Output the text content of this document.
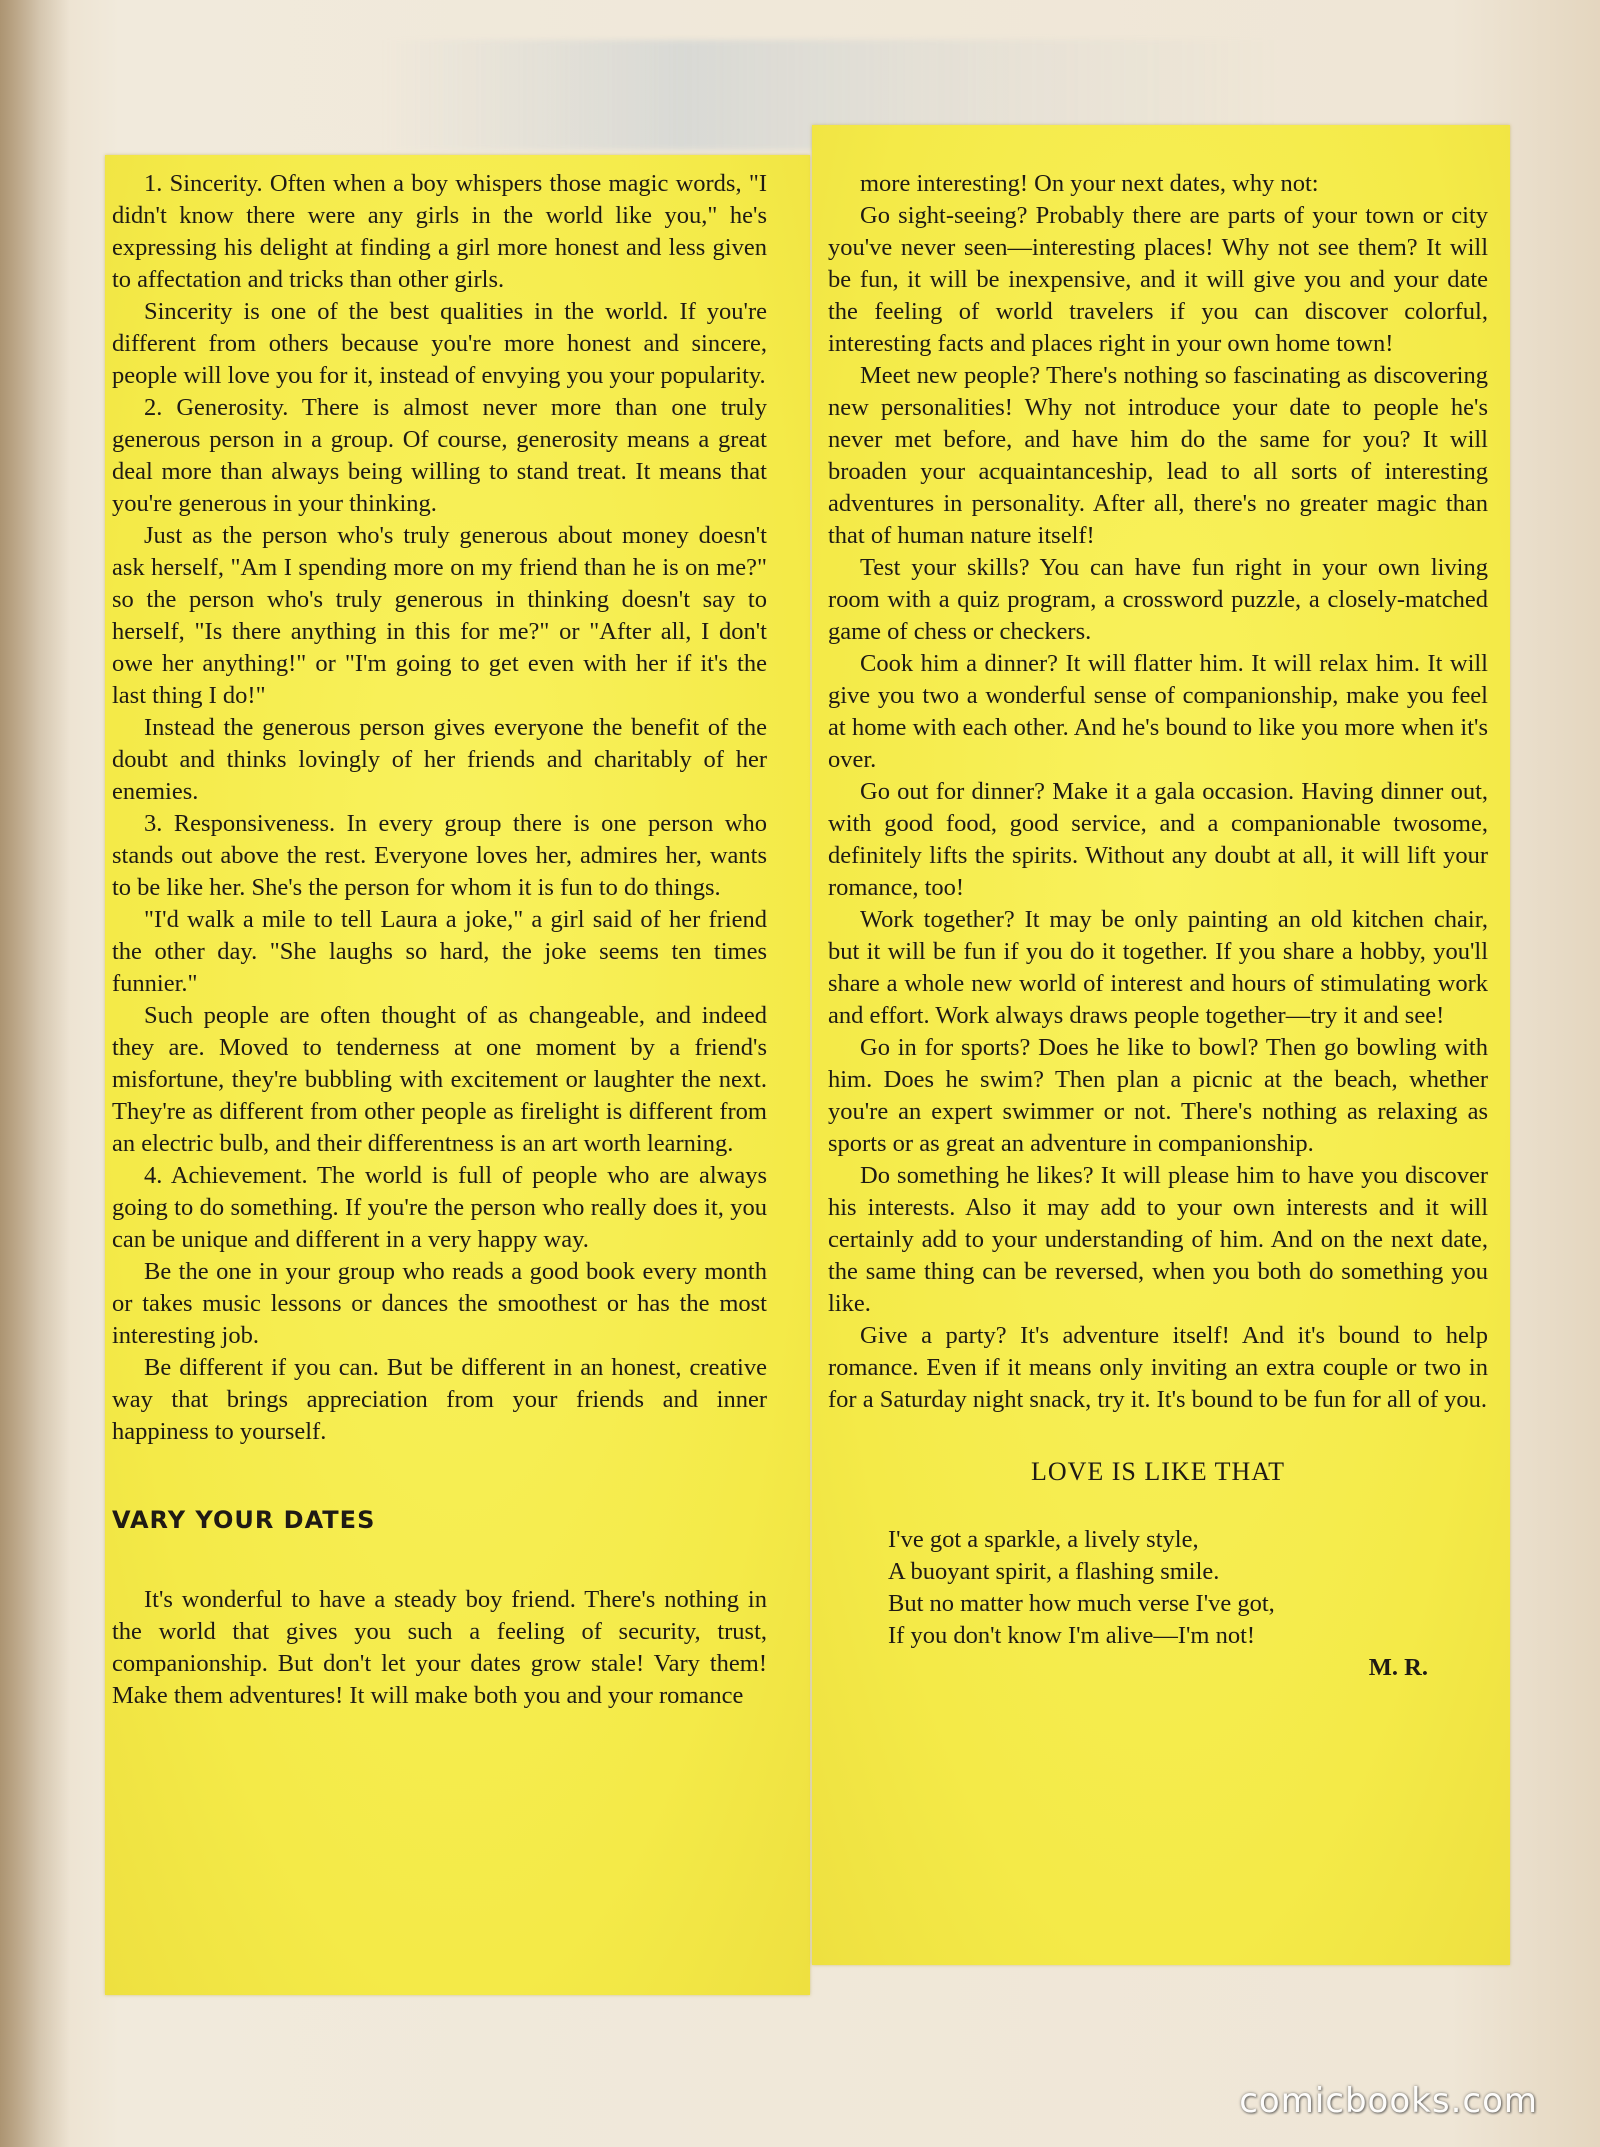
1. Sincerity. Often when a boy whispers those magic words, "I didn't know there were any girls in the world like you," he's expressing his delight at finding a girl more honest and less given to affectation and tricks than other girls.

Sincerity is one of the best qualities in the world. If you're different from others because you're more honest and sincere, people will love you for it, instead of envying you your popularity.

2. Generosity. There is almost never more than one truly generous person in a group. Of course, generosity means a great deal more than always being willing to stand treat. It means that you're generous in your thinking.

Just as the person who's truly generous about money doesn't ask herself, "Am I spending more on my friend than he is on me?" so the person who's truly generous in thinking doesn't say to herself, "Is there anything in this for me?" or "After all, I don't owe her anything!" or "I'm going to get even with her if it's the last thing I do!"

Instead the generous person gives everyone the benefit of the doubt and thinks lovingly of her friends and charitably of her enemies.

3. Responsiveness. In every group there is one person who stands out above the rest. Everyone loves her, admires her, wants to be like her. She's the person for whom it is fun to do things.

"I'd walk a mile to tell Laura a joke," a girl said of her friend the other day. "She laughs so hard, the joke seems ten times funnier."

Such people are often thought of as changeable, and indeed they are. Moved to tenderness at one moment by a friend's misfortune, they're bubbling with excitement or laughter the next. They're as different from other people as firelight is different from an electric bulb, and their differentness is an art worth learning.

4. Achievement. The world is full of people who are always going to do something. If you're the person who really does it, you can be unique and different in a very happy way.

Be the one in your group who reads a good book every month or takes music lessons or dances the smoothest or has the most interesting job.

Be different if you can. But be different in an honest, creative way that brings appreciation from your friends and inner happiness to yourself.

VARY YOUR DATES

It's wonderful to have a steady boy friend. There's nothing in the world that gives you such a feeling of security, trust, companionship. But don't let your dates grow stale! Vary them! Make them adventures! It will make both you and your romance

more interesting! On your next dates, why not:

Go sight-seeing? Probably there are parts of your town or city you've never seen—interesting places! Why not see them? It will be fun, it will be inexpensive, and it will give you and your date the feeling of world travelers if you can discover colorful, interesting facts and places right in your own home town!

Meet new people? There's nothing so fascinating as discovering new personalities! Why not introduce your date to people he's never met before, and have him do the same for you? It will broaden your acquaintanceship, lead to all sorts of interesting adventures in personality. After all, there's no greater magic than that of human nature itself!

Test your skills? You can have fun right in your own living room with a quiz program, a crossword puzzle, a closely-matched game of chess or checkers.

Cook him a dinner? It will flatter him. It will relax him. It will give you two a wonderful sense of companionship, make you feel at home with each other. And he's bound to like you more when it's over.

Go out for dinner? Make it a gala occasion. Having dinner out, with good food, good service, and a companionable twosome, definitely lifts the spirits. Without any doubt at all, it will lift your romance, too!

Work together? It may be only painting an old kitchen chair, but it will be fun if you do it together. If you share a hobby, you'll share a whole new world of interest and hours of stimulating work and effort. Work always draws people together—try it and see!

Go in for sports? Does he like to bowl? Then go bowling with him. Does he swim? Then plan a picnic at the beach, whether you're an expert swimmer or not. There's nothing as relaxing as sports or as great an adventure in companionship.

Do something he likes? It will please him to have you discover his interests. Also it may add to your own interests and it will certainly add to your understanding of him. And on the next date, the same thing can be reversed, when you both do something you like.

Give a party? It's adventure itself! And it's bound to help romance. Even if it means only inviting an extra couple or two in for a Saturday night snack, try it. It's bound to be fun for all of you.

LOVE IS LIKE THAT
I've got a sparkle, a lively style,
A buoyant spirit, a flashing smile.
But no matter how much verse I've got,
If you don't know I'm alive—I'm not!
M. R.
comicbooks.com
